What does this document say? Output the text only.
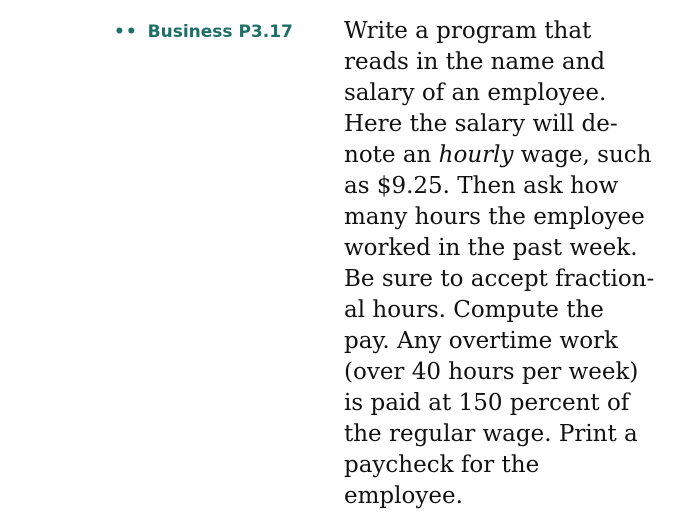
•• Business P3.17	Write a program that
reads in the name and
salary of an employee.
Here the salary will de-
note an hourly wage, such
as $9.25. Then ask how
many hours the employee
worked in the past week.
Be sure to accept fraction-
al hours. Compute the
pay. Any overtime work
(over 40 hours per week)
is paid at 150 percent of
the regular wage. Print a
paycheck for the
employee.
